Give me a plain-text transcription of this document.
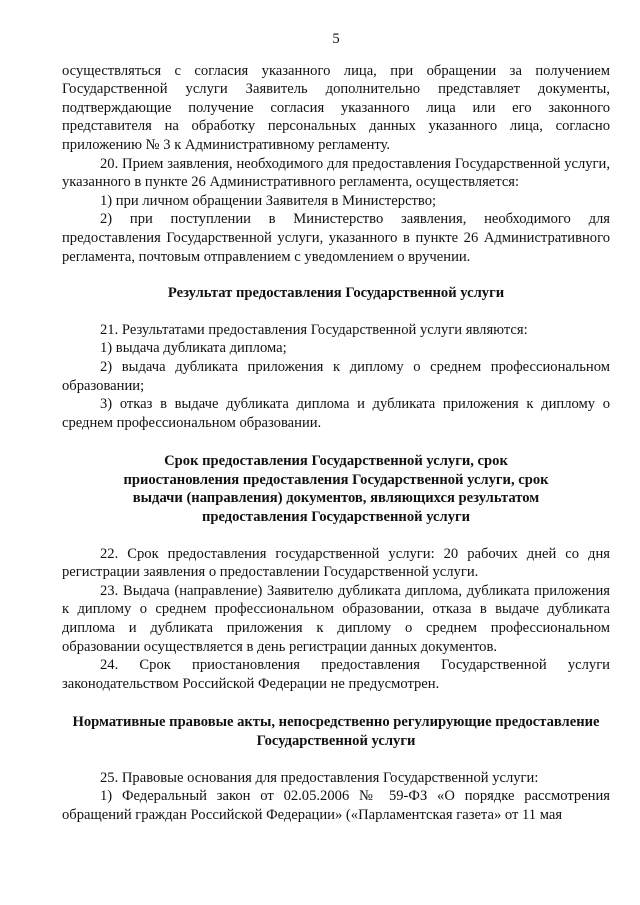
5

осуществляться с согласия указанного лица, при обращении за получением Государственной услуги Заявитель дополнительно представляет документы, подтверждающие получение согласия указанного лица или его законного представителя на обработку персональных данных указанного лица, согласно приложению № 3 к Административному регламенту.

20. Прием заявления, необходимого для предоставления Государственной услуги, указанного в пункте 26 Административного регламента, осуществляется:

1) при личном обращении Заявителя в Министерство;

2) при поступлении в Министерство заявления, необходимого для предоставления Государственной услуги, указанного в пункте 26 Административного регламента, почтовым отправлением с уведомлением о вручении.

Результат предоставления Государственной услуги

21. Результатами предоставления Государственной услуги являются:

1) выдача дубликата диплома;

2) выдача дубликата приложения к диплому о среднем профессиональном образовании;

3) отказ в выдаче дубликата диплома и дубликата приложения к диплому о среднем профессиональном образовании.

Срок предоставления Государственной услуги, срок
приостановления предоставления Государственной услуги, срок
выдачи (направления) документов, являющихся результатом
предоставления Государственной услуги

22. Срок предоставления государственной услуги: 20 рабочих дней со дня регистрации заявления о предоставлении Государственной услуги.

23. Выдача (направление) Заявителю дубликата диплома, дубликата приложения к диплому о среднем профессиональном образовании, отказа в выдаче дубликата диплома и дубликата приложения к диплому о среднем профессиональном образовании осуществляется в день регистрации данных документов.

24. Срок приостановления предоставления Государственной услуги законодательством Российской Федерации не предусмотрен.

Нормативные правовые акты, непосредственно регулирующие предоставление
Государственной услуги

25. Правовые основания для предоставления Государственной услуги:

1) Федеральный закон от 02.05.2006 № 59-ФЗ «О порядке рассмотрения обращений граждан Российской Федерации» («Парламентская газета» от 11 мая
